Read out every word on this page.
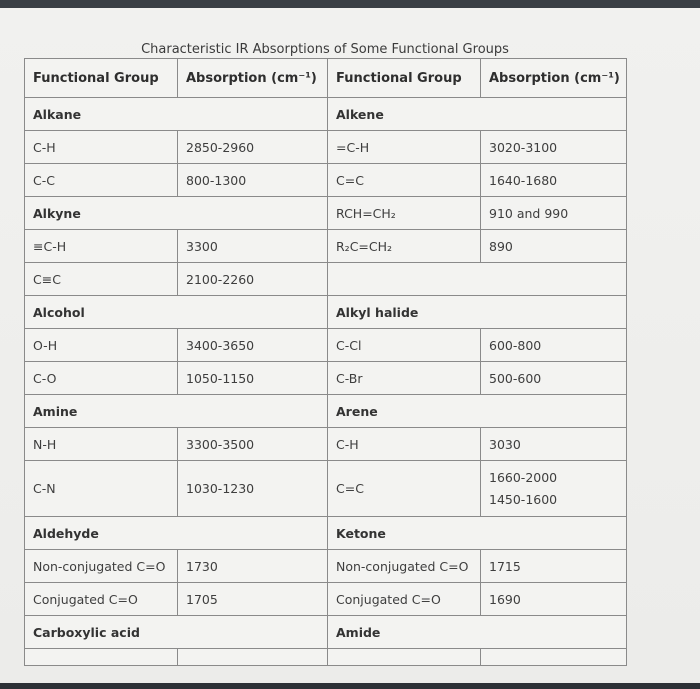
Characteristic IR Absorptions of Some Functional Groups
Functional Group	Absorption (cm⁻¹)	Functional Group	Absorption (cm⁻¹)
Alkane		Alkene	
C-H	2850-2960	=C-H	3020-3100
C-C	800-1300	C=C	1640-1680
Alkyne		RCH=CH₂	910 and 990
≡C-H	3300	R₂C=CH₂	890
C≡C	2100-2260		
Alcohol		Alkyl halide	
O-H	3400-3650	C-Cl	600-800
C-O	1050-1150	C-Br	500-600
Amine		Arene	
N-H	3300-3500	C-H	3030
C-N	1030-1230	C=C	1660-2000
1450-1600

Aldehyde		Ketone	
Non-conjugated C=O	1730	Non-conjugated C=O	1715
Conjugated C=O	1705	Conjugated C=O	1690
Carboxylic acid		Amide	
